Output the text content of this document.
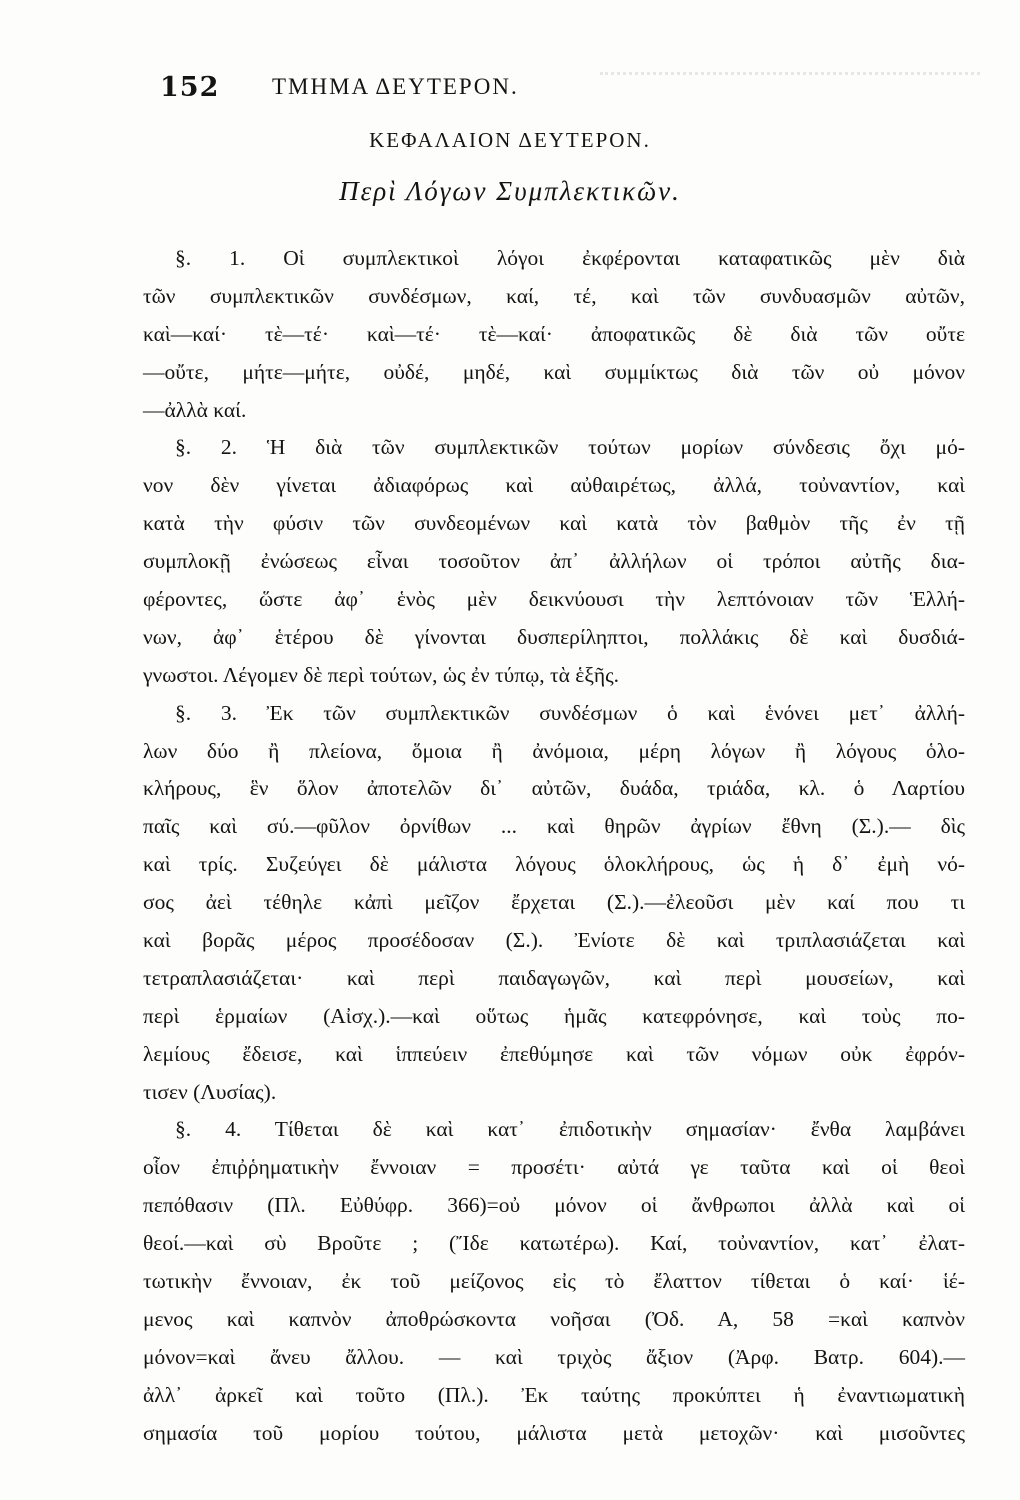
152 ΤΜΗΜΑ ΔΕΥΤΕΡΟΝ.
ΚΕΦΑΛΑΙΟΝ ΔΕΥΤΕΡΟΝ.
Περὶ Λόγων Συμπλεκτικῶν.
§. 1. Οἱ συμπλεκτικοὶ λόγοι ἐκφέρονται καταφατικῶς μὲν διὰ
τῶν συμπλεκτικῶν συνδέσμων, καί, τέ, καὶ τῶν συνδυασμῶν αὐτῶν,
καὶ—καί· τὲ—τέ· καὶ—τέ· τὲ—καί· ἀποφατικῶς δὲ διὰ τῶν οὔτε
—οὔτε, μήτε—μήτε, οὐδέ, μηδέ, καὶ συμμίκτως διὰ τῶν οὐ μόνον
—ἀλλὰ καί.
§. 2. Ἡ διὰ τῶν συμπλεκτικῶν τούτων μορίων σύνδεσις ὄχι μό-
νον δὲν γίνεται ἀδιαφόρως καὶ αὐθαιρέτως, ἀλλά, τοὐναντίον, καὶ
κατὰ τὴν φύσιν τῶν συνδεομένων καὶ κατὰ τὸν βαθμὸν τῆς ἐν τῇ
συμπλοκῇ ἐνώσεως εἶναι τοσοῦτον ἀπ᾽ ἀλλήλων οἱ τρόποι αὐτῆς δια-
φέροντες, ὥστε ἀφ᾽ ἑνὸς μὲν δεικνύουσι τὴν λεπτόνοιαν τῶν Ἑλλή-
νων, ἀφ᾽ ἑτέρου δὲ γίνονται δυσπερίληπτοι, πολλάκις δὲ καὶ δυσδιά-
γνωστοι. Λέγομεν δὲ περὶ τούτων, ὡς ἐν τύπῳ, τὰ ἑξῆς.
§. 3. Ἐκ τῶν συμπλεκτικῶν συνδέσμων ὁ καὶ ἑνόνει μετ᾽ ἀλλή-
λων δύο ἢ πλείονα, ὅμοια ἢ ἀνόμοια, μέρη λόγων ἢ λόγους ὁλο-
κλήρους, ἓν ὅλον ἀποτελῶν δι᾽ αὐτῶν, δυάδα, τριάδα, κλ. ὁ Λαρτίου
παῖς καὶ σύ.—φῦλον ὀρνίθων ... καὶ θηρῶν ἀγρίων ἔθνη (Σ.).— δὶς
καὶ τρίς. Συζεύγει δὲ μάλιστα λόγους ὁλοκλήρους, ὡς ἡ δ᾽ ἐμὴ νό-
σος ἀεὶ τέθηλε κἀπὶ μεῖζον ἔρχεται (Σ.).—ἐλεοῦσι μὲν καί που τι
καὶ βορᾶς μέρος προσέδοσαν (Σ.). Ἐνίοτε δὲ καὶ τριπλασιάζεται καὶ
τετραπλασιάζεται· καὶ περὶ παιδαγωγῶν, καὶ περὶ μουσείων, καὶ
περὶ ἑρμαίων (Αἰσχ.).—καὶ οὕτως ἡμᾶς κατεφρόνησε, καὶ τοὺς πο-
λεμίους ἔδεισε, καὶ ἱππεύειν ἐπεθύμησε καὶ τῶν νόμων οὐκ ἐφρόν-
τισεν (Λυσίας).
§. 4. Τίθεται δὲ καὶ κατ᾽ ἐπιδοτικὴν σημασίαν· ἔνθα λαμβάνει
οἷον ἐπιῤῥηματικὴν ἔννοιαν = προσέτι· αὐτά γε ταῦτα καὶ οἱ θεοὶ
πεπόθασιν (Πλ. Εὐθύφρ. 366)=οὐ μόνον οἱ ἄνθρωποι ἀλλὰ καὶ οἱ
θεοί.—καὶ σὺ Βροῦτε ; (Ἴδε κατωτέρω). Καί, τοὐναντίον, κατ᾽ ἐλατ-
τωτικὴν ἔννοιαν, ἐκ τοῦ μείζονος εἰς τὸ ἔλαττον τίθεται ὁ καί· ἱέ-
μενος καὶ καπνὸν ἀποθρώσκοντα νοῆσαι (Ὀδ. Α, 58 =καὶ καπνὸν
μόνον=καὶ ἄνευ ἄλλου. — καὶ τριχὸς ἄξιον (Ἀρφ. Βατρ. 604).—
ἀλλ᾽ ἀρκεῖ καὶ τοῦτο (Πλ.). Ἐκ ταύτης προκύπτει ἡ ἐναντιωματικὴ
σημασία τοῦ μορίου τούτου, μάλιστα μετὰ μετοχῶν· καὶ μισοῦντες
